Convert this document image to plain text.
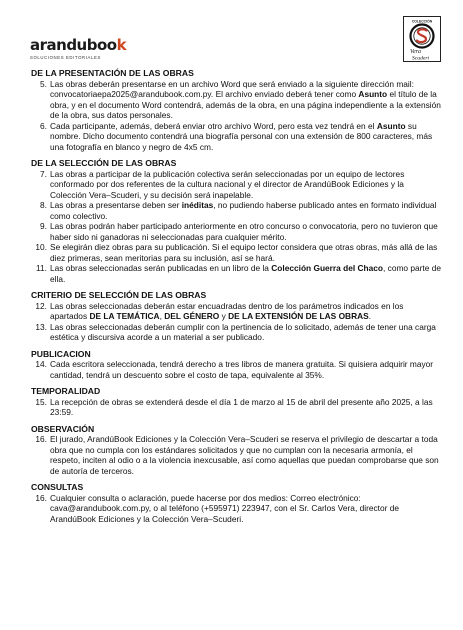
arandubook
SOLUCIONES EDITORIALES
COLECCIÓN
Vera
Scuderi
DE LA PRESENTACIÓN DE LAS OBRAS
5. Las obras deberán presentarse en un archivo Word que será enviado a la siguiente dirección mail: convocatoriaepa2025@arandubook.com.py. El archivo enviado deberá tener como Asunto el título de la obra, y en el documento Word contendrá, además de la obra, en una página independiente a la extensión de la obra, sus datos personales.
6. Cada participante, además, deberá enviar otro archivo Word, pero esta vez tendrá en el Asunto su nombre. Dicho documento contendrá una biografía personal con una extensión de 800 caracteres, más una fotografía en blanco y negro de 4x5 cm.
DE LA SELECCIÓN DE LAS OBRAS
7. Las obras a participar de la publicación colectiva serán seleccionadas por un equipo de lectores conformado por dos referentes de la cultura nacional y el director de ArandúBook Ediciones y la Colección Vera–Scuderi, y su decisión será inapelable.
8. Las obras a presentarse deben ser inéditas, no pudiendo haberse publicado antes en formato individual como colectivo.
9. Las obras podrán haber participado anteriormente en otro concurso o convocatoria, pero no tuvieron que haber sido ni ganadoras ni seleccionadas para cualquier mérito.
10. Se elegirán diez obras para su publicación. Si el equipo lector considera que otras obras, más allá de las diez primeras, sean meritorias para su inclusión, así se hará.
11. Las obras seleccionadas serán publicadas en un libro de la Colección Guerra del Chaco, como parte de ella.
CRITERIO DE SELECCIÓN DE LAS OBRAS
12. Las obras seleccionadas deberán estar encuadradas dentro de los parámetros indicados en los apartados DE LA TEMÁTICA, DEL GÉNERO y DE LA EXTENSIÓN DE LAS OBRAS.
13. Las obras seleccionadas deberán cumplir con la pertinencia de lo solicitado, además de tener una carga estética y discursiva acorde a un material a ser publicado.
PUBLICACION
14. Cada escritora seleccionada, tendrá derecho a tres libros de manera gratuita. Si quisiera adquirir mayor cantidad, tendrá un descuento sobre el costo de tapa, equivalente al 35%.
TEMPORALIDAD
15. La recepción de obras se extenderá desde el día 1 de marzo al 15 de abril del presente año 2025, a las 23:59.
OBSERVACIÓN
16. El jurado, ArandúBook Ediciones y la Colección Vera–Scuderi se reserva el privilegio de descartar a toda obra que no cumpla con los estándares solicitados y que no cumplan con la necesaria armonía, el respeto, inciten al odio o a la violencia inexcusable, así como aquellas que puedan comprobarse que son de autoría de terceros.
CONSULTAS
16. Cualquier consulta o aclaración, puede hacerse por dos medios: Correo electrónico: cava@arandubook.com.py, o al teléfono (+595971) 223947, con el Sr. Carlos Vera, director de ArandúBook Ediciones y la Colección Vera–Scuderi.
